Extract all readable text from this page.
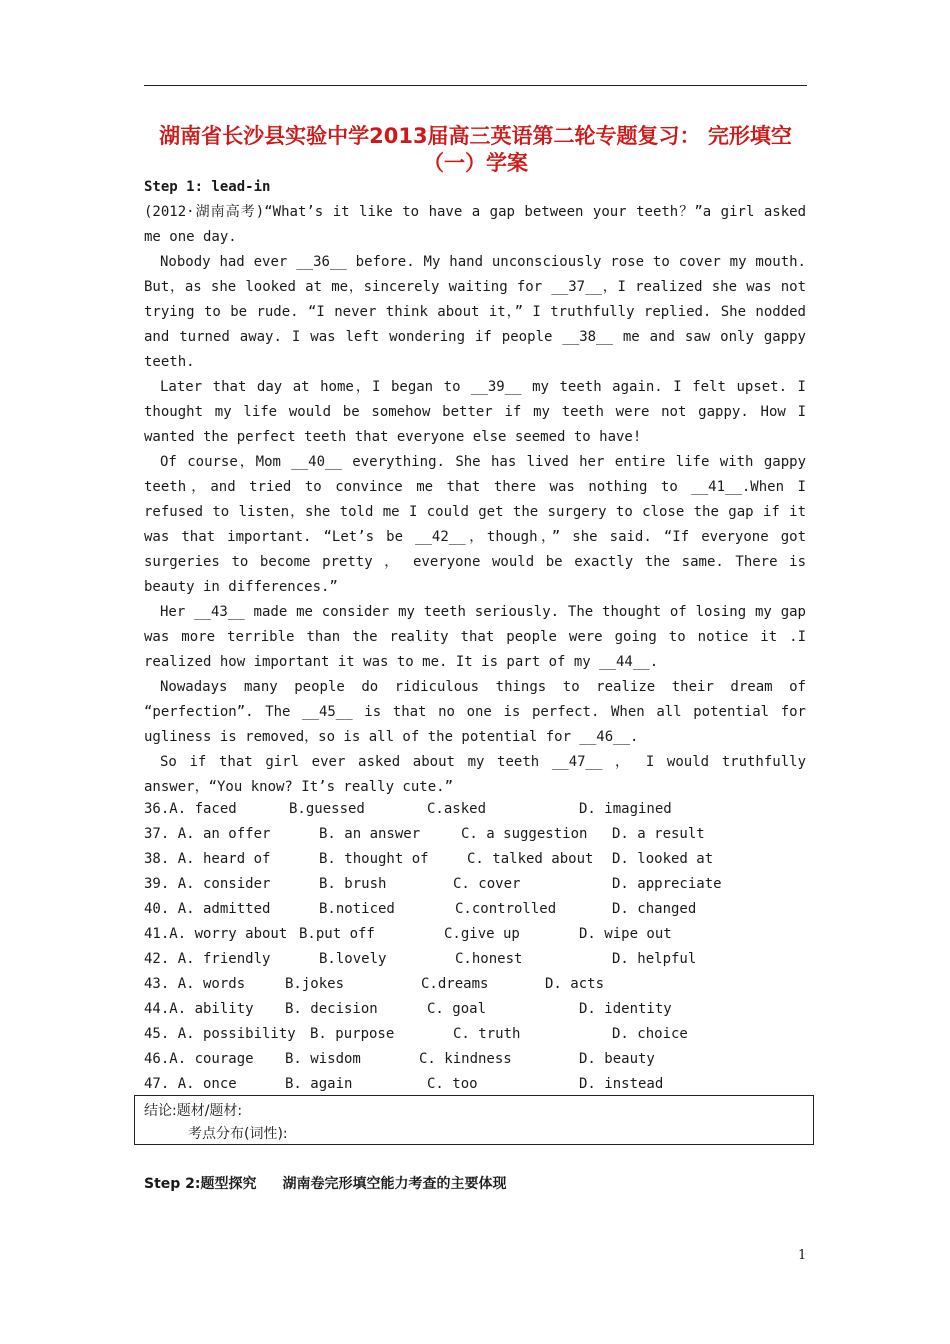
湖南省长沙县实验中学2013届高三英语第二轮专题复习： 完形填空
（一）学案
Step 1: lead-in

(2012·湖南高考)“What’s it like to have a gap between your teeth？”a girl asked me one day.

Nobody had ever __36__ before. My hand unconsciously rose to cover my mouth. But，as she looked at me，sincerely waiting for __37__，I realized she was not trying to be rude. “I never think about it，” I truthfully replied. She nodded and turned away. I was left wondering if people __38__ me and saw only gappy teeth.

Later that day at home，I began to __39__ my teeth again. I felt upset. I thought my life would be somehow better if my teeth were not gappy. How I wanted the perfect teeth that everyone else seemed to have!

Of course，Mom __40__ everything. She has lived her entire life with gappy teeth，and tried to convince me that there was nothing to __41__.When I refused to listen，she told me I could get the surgery to close the gap if it was that important. “Let’s be __42__，though，” she said. “If everyone got surgeries to become pretty ， everyone would be exactly the same. There is beauty in differences.”

Her __43__ made me consider my teeth seriously. The thought of losing my gap was more terrible than the reality that people were going to notice it .I realized how important it was to me. It is part of my __44__.

Nowadays many people do ridiculous things to realize their dream of “perfection”. The __45__ is that no one is perfect. When all potential for ugliness is removed，so is all of the potential for __46__.

So if that girl ever asked about my teeth __47__ ， I would truthfully answer，“You know? It’s really cute.”

36.A. faced	B.guessed	C.asked	D. imagined
37. A. an offer	B. an answer	C. a suggestion D. a result
38. A. heard of	B. thought of	C. talked about D. looked at
39. A. consider	B. brush	C. cover	D. appreciate
40. A. admitted	B.noticed	C.controlled	D. changed
41.A. worry about B.put off	C.give up	D. wipe out
42. A. friendly	B.lovely	C.honest	D. helpful
43. A. words	B.jokes	C.dreams	D. acts
44.A. ability B. decision	C. goal	D. identity
45. A. possibility B. purpose	C. truth	D. choice
46.A. courage B. wisdom	C. kindness	D. beauty
47. A. once	B. again	C. too	D. instead
结论:题材/题材:
考点分布(词性):
Step 2:题型探究 湖南卷完形填空能力考查的主要体现
1
